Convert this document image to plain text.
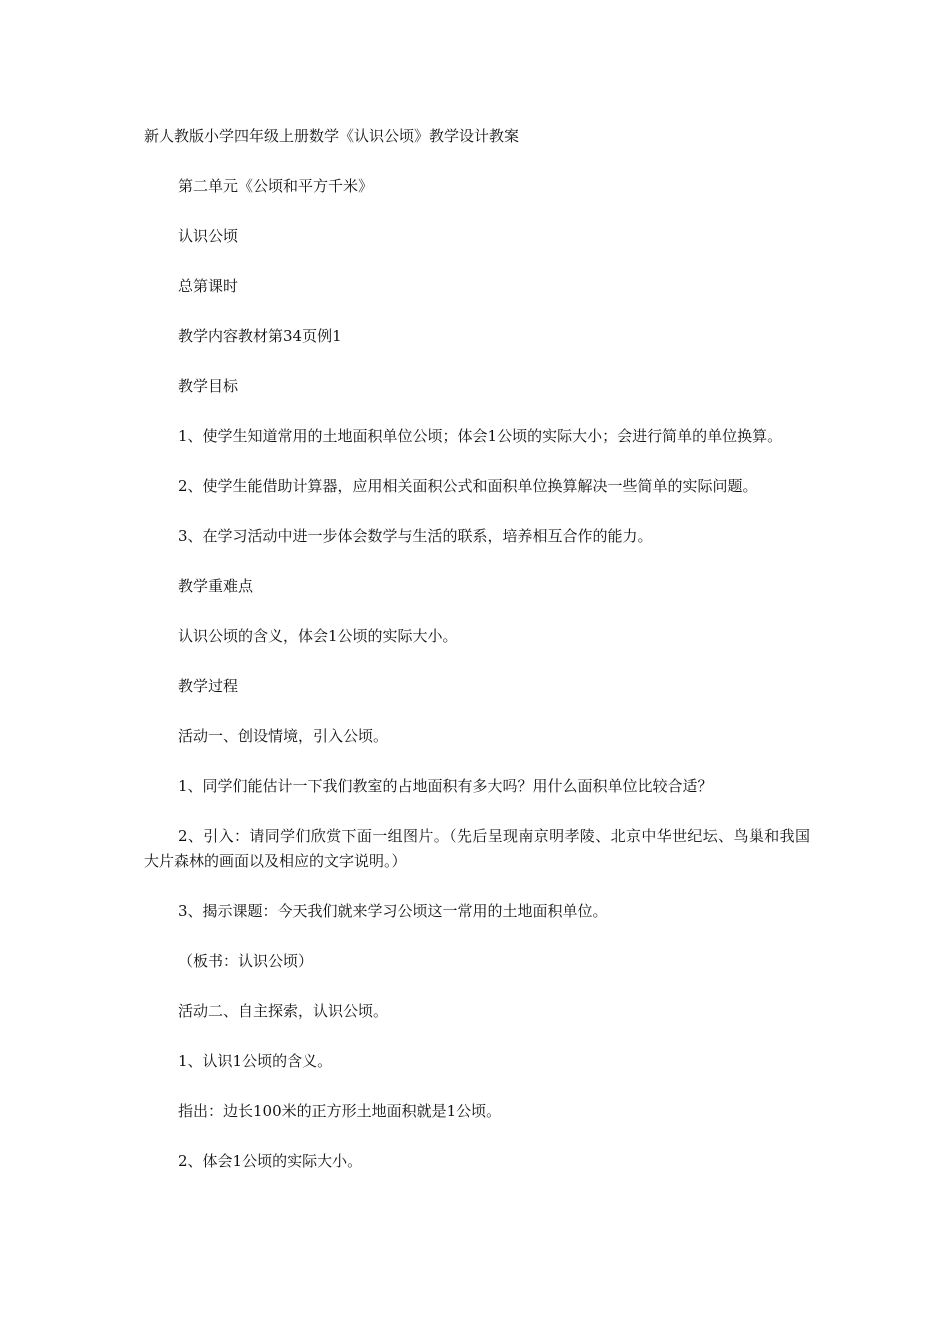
新人教版小学四年级上册数学《认识公顷》教学设计教案
第二单元《公顷和平方千米》
认识公顷
总第课时
教学内容教材第34页例1
教学目标
1、使学生知道常用的土地面积单位公顷；体会1公顷的实际大小；会进行简单的单位换算。
2、使学生能借助计算器，应用相关面积公式和面积单位换算解决一些简单的实际问题。
3、在学习活动中进一步体会数学与生活的联系，培养相互合作的能力。
教学重难点
认识公顷的含义，体会1公顷的实际大小。
教学过程
活动一、创设情境，引入公顷。
1、同学们能估计一下我们教室的占地面积有多大吗？用什么面积单位比较合适？
2、引入：请同学们欣赏下面一组图片。（先后呈现南京明孝陵、北京中华世纪坛、鸟巢和我国大片森林的画面以及相应的文字说明。）
3、揭示课题：今天我们就来学习公顷这一常用的土地面积单位。
（板书：认识公顷）
活动二、自主探索，认识公顷。
1、认识1公顷的含义。
指出：边长100米的正方形土地面积就是1公顷。
2、体会1公顷的实际大小。
